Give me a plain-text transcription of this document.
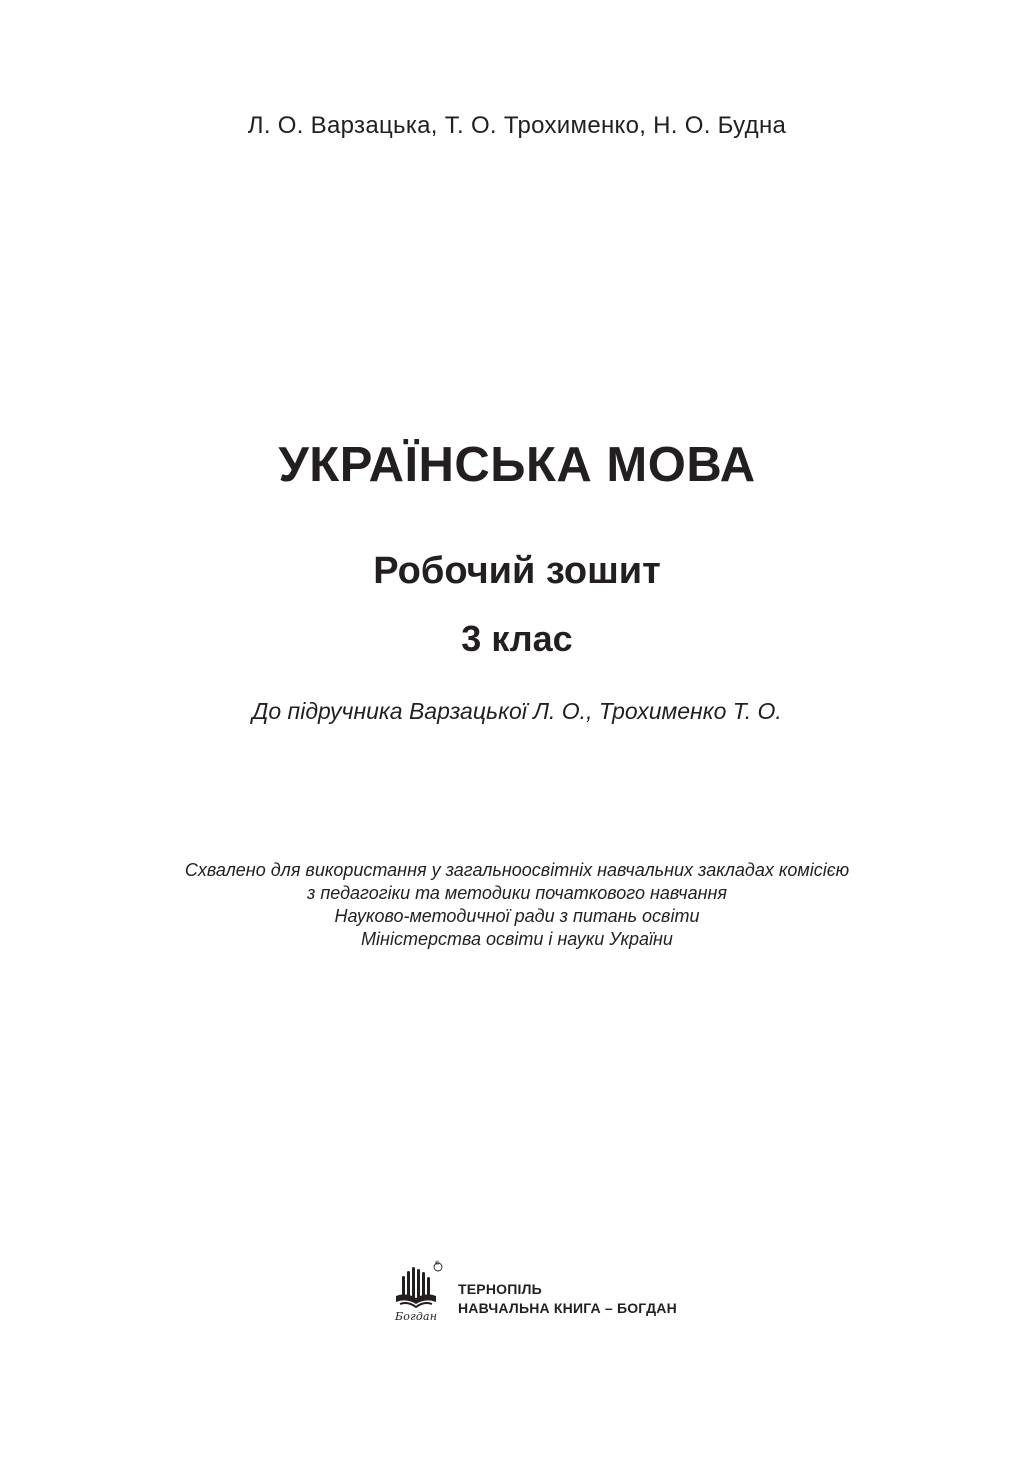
Л. О. Варзацька, Т. О. Трохименко, Н. О. Будна
УКРАЇНСЬКА МОВА
Робочий зошит
3 клас
До підручника Варзацької Л. О., Трохименко Т. О.
Схвалено для використання у загальноосвітніх навчальних закладах комісією
з педагогіки та методики початкового навчання
Науково-методичної ради з питань освіти
Міністерства освіти і науки України
®
Богдан
ТЕРНОПІЛЬ
НАВЧАЛЬНА КНИГА – БОГДАН
